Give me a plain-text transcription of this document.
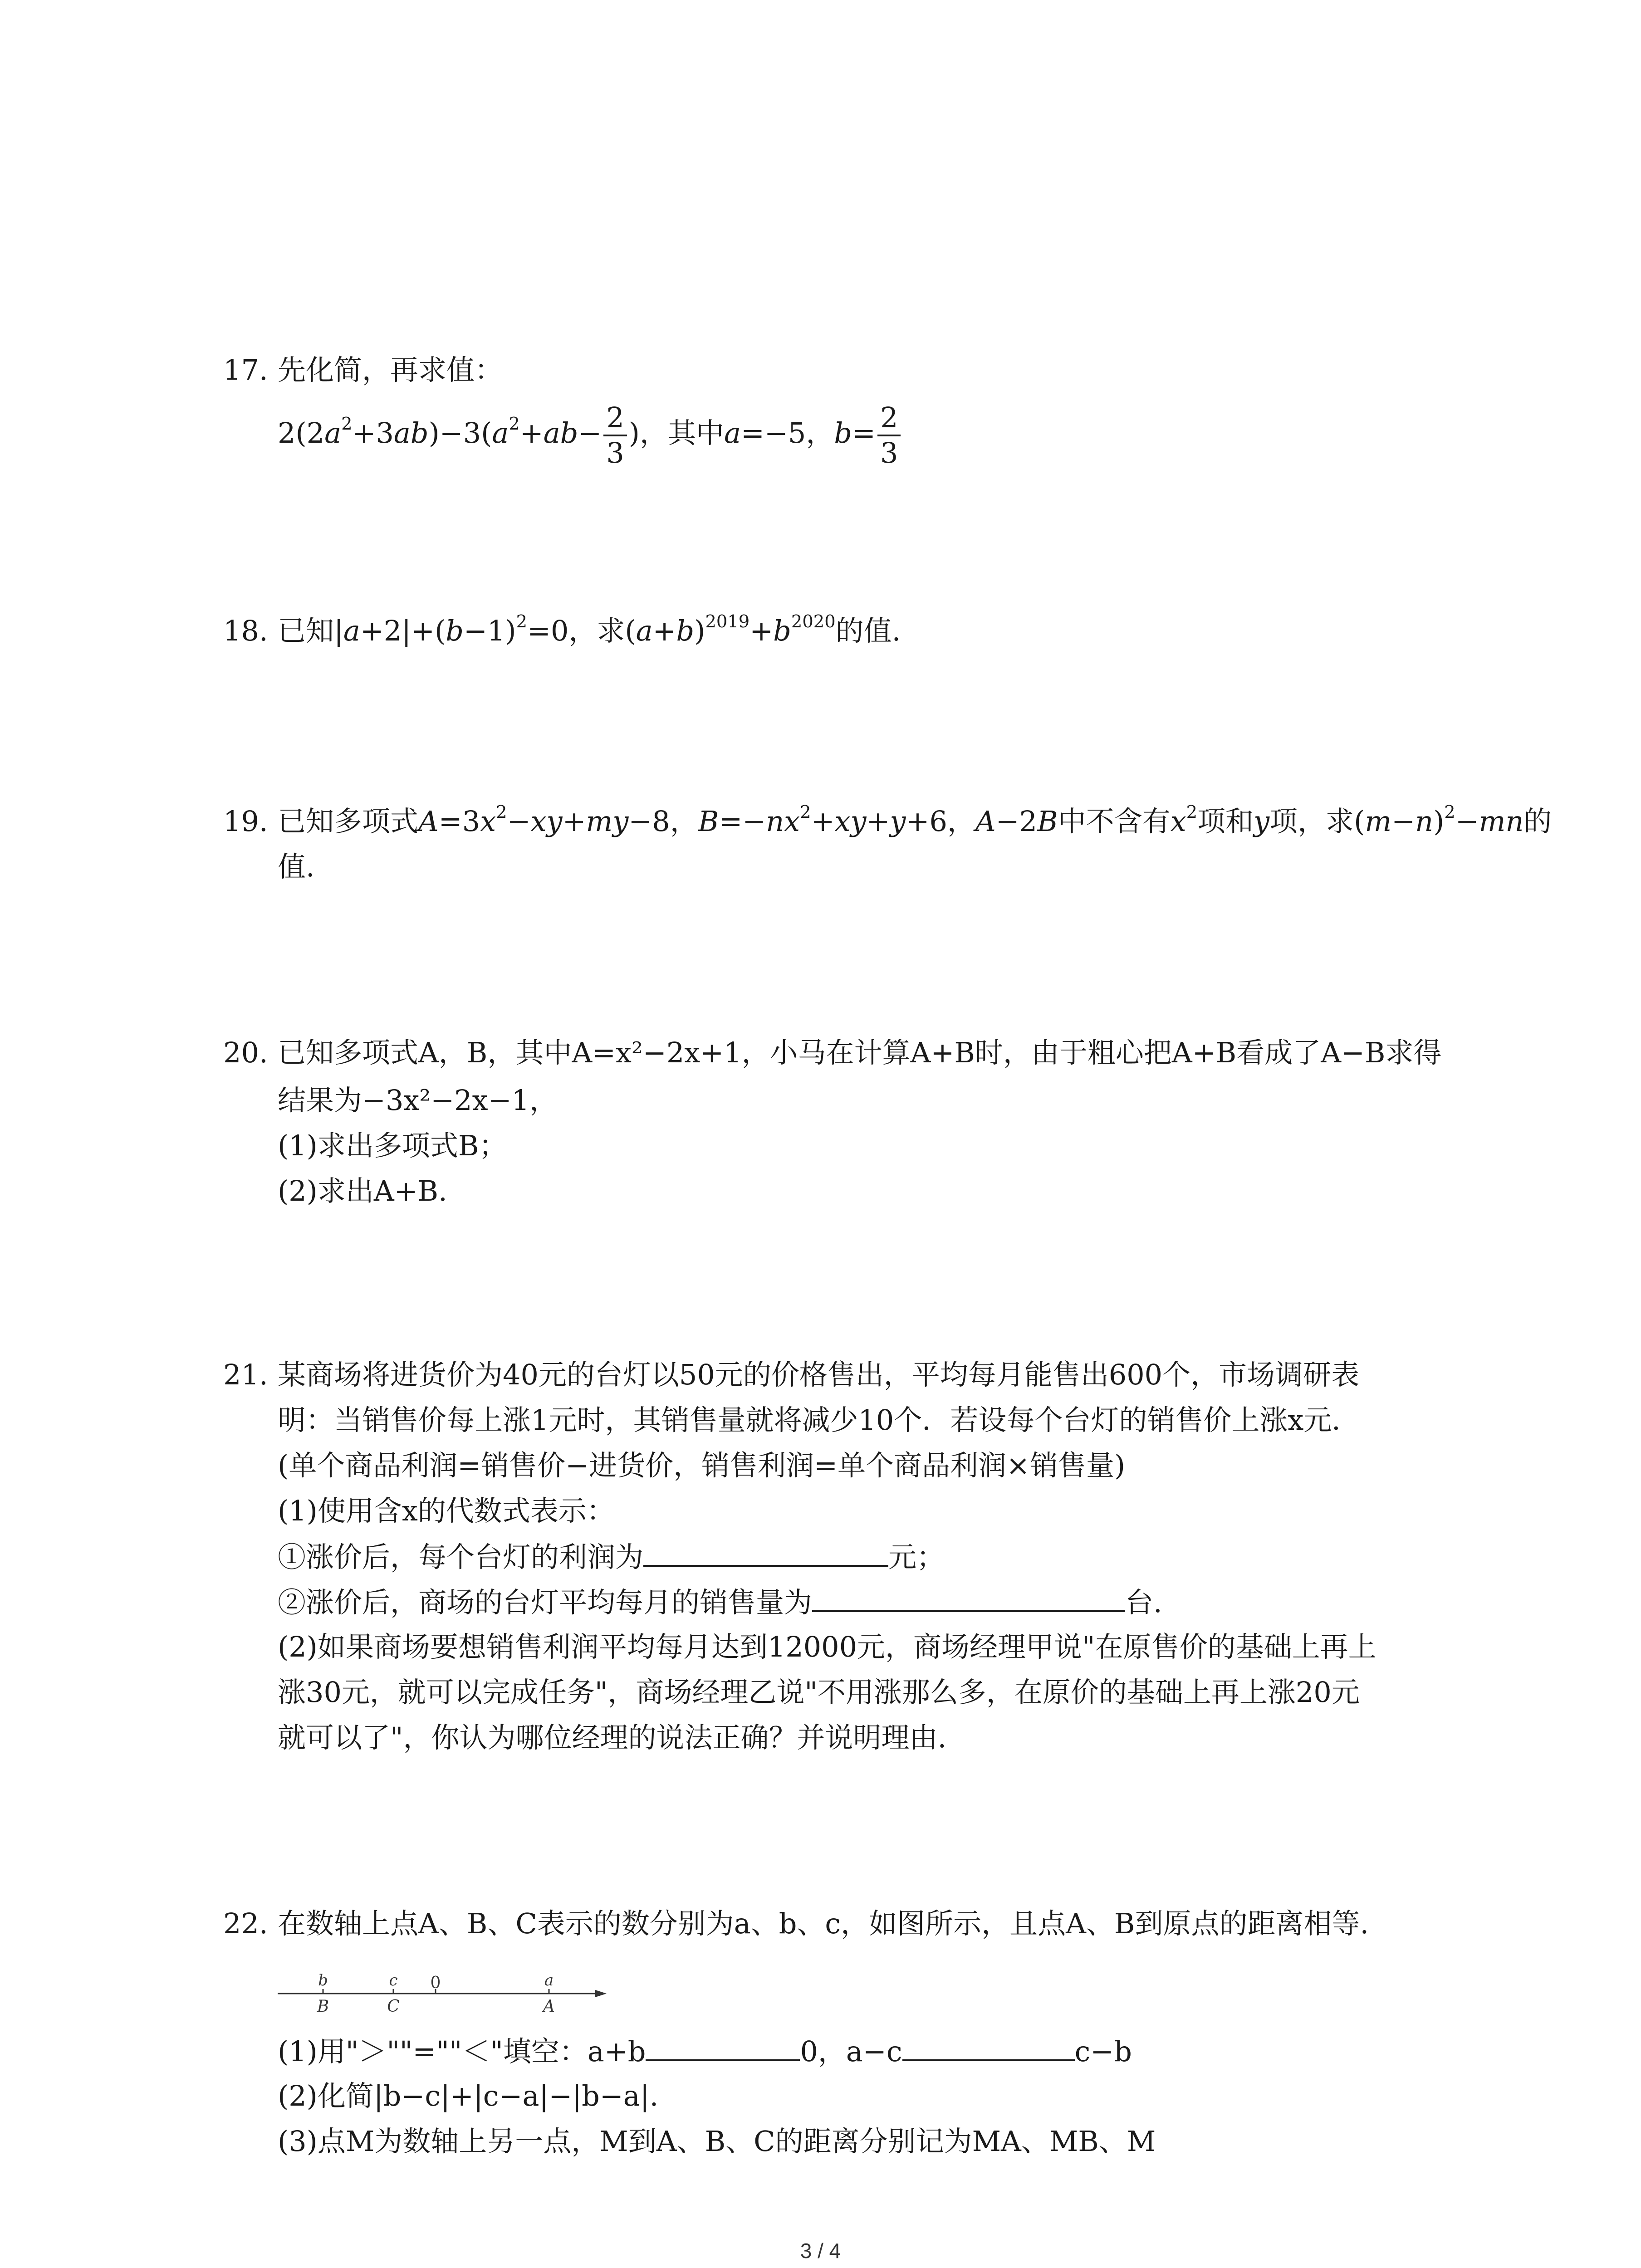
17. 先化简，再求值：
$2(2a^2+3ab)-3(a^2+ab- \frac{2}{3}$ )，其中a=−5，$b= \frac{2}{3}$
18. 已知$|a+2|+(b-1)^2=0$，求$(a+b)^{2019}+b^{2020}$的值.
19. 已知多项式$A=3x^2-xy+my-8$，$B=-nx^2+xy+y+6$，A−2B中不含有$x^2$项和y项，求$(m-n)^2-mn$的
值.
20. 已知多项式A，B，其中A=x²−2x+1，小马在计算A+B时，由于粗心把A+B看成了A−B求得
结果为−3x²−2x−1，
(1)求出多项式B；
(2)求出A+B.
21. 某商场将进货价为40元的台灯以50元的价格售出，平均每月能售出600个，市场调研表
明：当销售价每上涨1元时，其销售量就将减少10个．若设每个台灯的销售价上涨x元．
(单个商品利润=销售价−进货价，销售利润=单个商品利润×销售量)
(1)使用含x的代数式表示：
①涨价后，每个台灯的利润为	元；
②涨价后，商场的台灯平均每月的销售量为	台.
(2)如果商场要想销售利润平均每月达到12000元，商场经理甲说"在原售价的基础上再上
涨30元，就可以完成任务"，商场经理乙说"不用涨那么多，在原价的基础上再上涨20元
就可以了"，你认为哪位经理的说法正确？并说明理由.
22. 在数轴上点A、B、C表示的数分别为a、b、c，如图所示，且点A、B到原点的距离相等.
b	c 0	a
B	C	A
(1)用"＞""=""＜"填空：a+b	0，a−c	c−b
(2)化简|b−c|+|c−a|−|b−a|.
(3)点M为数轴上另一点，M到A、B、C的距离分别记为MA、MB、M
3 / 4
